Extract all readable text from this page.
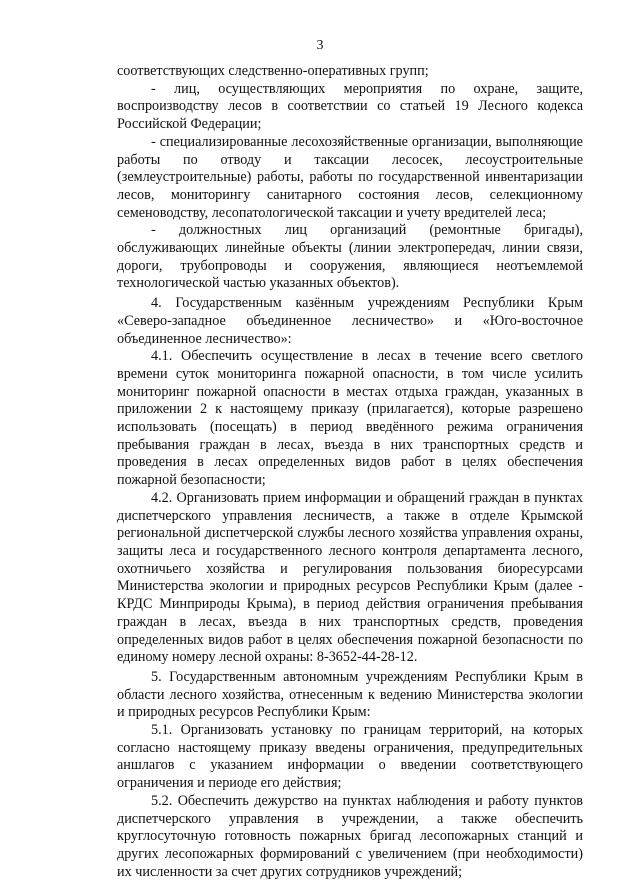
3

соответствующих следственно-оперативных групп;

- лиц, осуществляющих мероприятия по охране, защите, воспроизводству лесов в соответствии со статьей 19 Лесного кодекса Российской Федерации;

- специализированные лесохозяйственные организации, выполняющие работы по отводу и таксации лесосек, лесоустроительные (землеустроительные) работы, работы по государственной инвентаризации лесов, мониторингу санитарного состояния лесов, селекционному семеноводству, лесопатологической таксации и учету вредителей леса;

- должностных лиц организаций (ремонтные бригады), обслуживающих линейные объекты (линии электропередач, линии связи, дороги, трубопроводы и сооружения, являющиеся неотъемлемой технологической частью указанных объектов).

4. Государственным казённым учреждениям Республики Крым «Северо-западное объединенное лесничество» и «Юго-восточное объединенное лесничество»:

4.1. Обеспечить осуществление в лесах в течение всего светлого времени суток мониторинга пожарной опасности, в том числе усилить мониторинг пожарной опасности в местах отдыха граждан, указанных в приложении 2 к настоящему приказу (прилагается), которые разрешено использовать (посещать) в период введённого режима ограничения пребывания граждан в лесах, въезда в них транспортных средств и проведения в лесах определенных видов работ в целях обеспечения пожарной безопасности;

4.2. Организовать прием информации и обращений граждан в пунктах диспетчерского управления лесничеств, а также в отделе Крымской региональной диспетчерской службы лесного хозяйства управления охраны, защиты леса и государственного лесного контроля департамента лесного, охотничьего хозяйства и регулирования пользования биоресурсами Министерства экологии и природных ресурсов Республики Крым (далее - КРДС Минприроды Крыма), в период действия ограничения пребывания граждан в лесах, въезда в них транспортных средств, проведения определенных видов работ в целях обеспечения пожарной безопасности по единому номеру лесной охраны: 8-3652-44-28-12.

5. Государственным автономным учреждениям Республики Крым в области лесного хозяйства, отнесенным к ведению Министерства экологии и природных ресурсов Республики Крым:

5.1. Организовать установку по границам территорий, на которых согласно настоящему приказу введены ограничения, предупредительных аншлагов с указанием информации о введении соответствующего ограничения и периоде его действия;

5.2. Обеспечить дежурство на пунктах наблюдения и работу пунктов диспетчерского управления в учреждении, а также обеспечить круглосуточную готовность пожарных бригад лесопожарных станций и других лесопожарных формирований с увеличением (при необходимости) их численности за счет других сотрудников учреждений;
